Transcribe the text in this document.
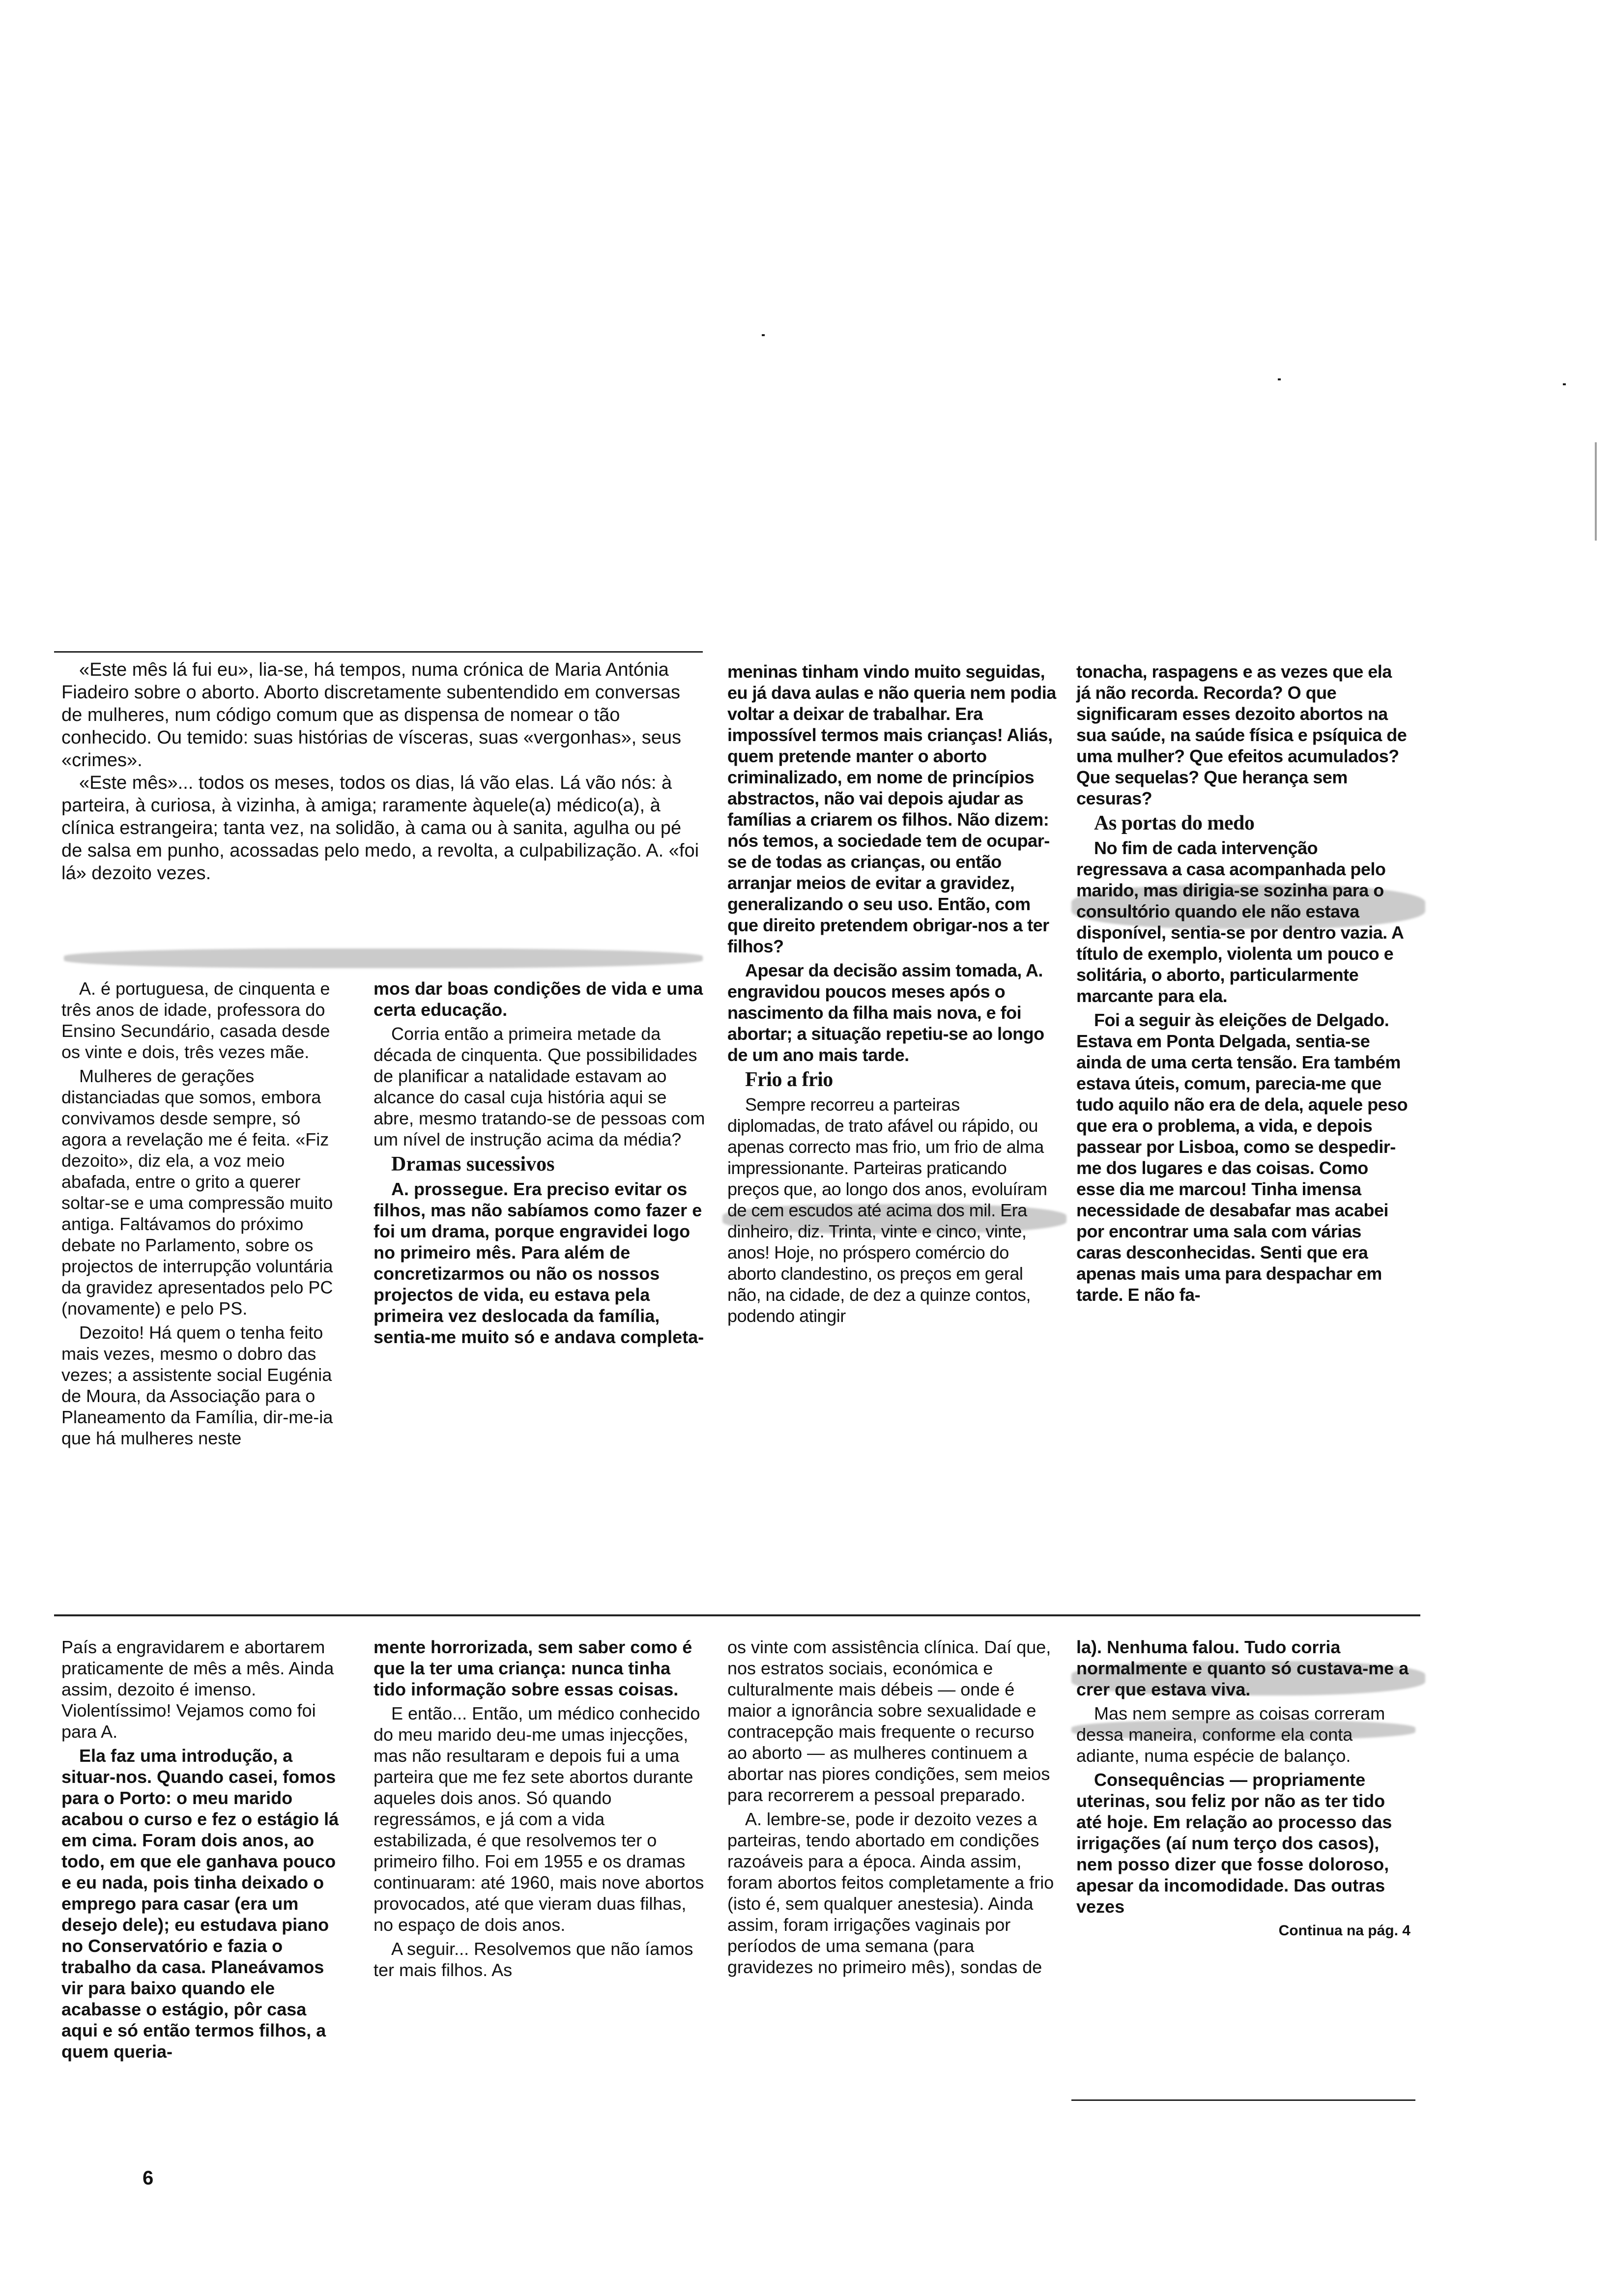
«Este mês lá fui eu», lia-se, há tempos, numa crónica de Maria Antónia Fiadeiro sobre o aborto. Aborto discretamente subentendido em conversas de mulheres, num código comum que as dispensa de nomear o tão conhecido. Ou temido: suas histórias de vísceras, suas «vergonhas», seus «crimes».

«Este mês»... todos os meses, todos os dias, lá vão elas. Lá vão nós: à parteira, à curiosa, à vizinha, à amiga; raramente àquele(a) médico(a), à clínica estrangeira; tanta vez, na solidão, à cama ou à sanita, agulha ou pé de salsa em punho, acossadas pelo medo, a revolta, a culpabilização. A. «foi lá» dezoito vezes.

A. é portuguesa, de cinquenta e três anos de idade, professora do Ensino Secundário, casada desde os vinte e dois, três vezes mãe.

Mulheres de gerações distanciadas que somos, embora convivamos desde sempre, só agora a revelação me é feita. «Fiz dezoito», diz ela, a voz meio abafada, entre o grito a querer soltar-se e uma compressão muito antiga. Faltávamos do próximo debate no Parlamento, sobre os projectos de interrupção voluntária da gravidez apresentados pelo PC (novamente) e pelo PS.

Dezoito! Há quem o tenha feito mais vezes, mesmo o dobro das vezes; a assistente social Eugénia de Moura, da Associação para o Planeamento da Família, dir-me-ia que há mulheres neste

mos dar boas condições de vida e uma certa educação.

Corria então a primeira metade da década de cinquenta. Que possibilidades de planificar a natalidade estavam ao alcance do casal cuja história aqui se abre, mesmo tratando-se de pessoas com um nível de instrução acima da média?

Dramas sucessivos

A. prossegue. Era preciso evitar os filhos, mas não sabíamos como fazer e foi um drama, porque engravidei logo no primeiro mês. Para além de concretizarmos ou não os nossos projectos de vida, eu estava pela primeira vez deslocada da família, sentia-me muito só e andava completa-

meninas tinham vindo muito seguidas, eu já dava aulas e não queria nem podia voltar a deixar de trabalhar. Era impossível termos mais crianças! Aliás, quem pretende manter o aborto criminalizado, em nome de princípios abstractos, não vai depois ajudar as famílias a criarem os filhos. Não dizem: nós temos, a sociedade tem de ocupar-se de todas as crianças, ou então arranjar meios de evitar a gravidez, generalizando o seu uso. Então, com que direito pretendem obrigar-nos a ter filhos?

Apesar da decisão assim tomada, A. engravidou poucos meses após o nascimento da filha mais nova, e foi abortar; a situação repetiu-se ao longo de um ano mais tarde.

Frio a frio

Sempre recorreu a parteiras diplomadas, de trato afável ou rápido, ou apenas correcto mas frio, um frio de alma impressionante. Parteiras praticando preços que, ao longo dos anos, evoluíram de cem escudos até acima dos mil. Era dinheiro, diz. Trinta, vinte e cinco, vinte, anos! Hoje, no próspero comércio do aborto clandestino, os preços em geral não, na cidade, de dez a quinze contos, podendo atingir

tonacha, raspagens e as vezes que ela já não recorda. Recorda? O que significaram esses dezoito abortos na sua saúde, na saúde física e psíquica de uma mulher? Que efeitos acumulados? Que sequelas? Que herança sem cesuras?

As portas do medo

No fim de cada intervenção regressava a casa acompanhada pelo marido, mas dirigia-se sozinha para o consultório quando ele não estava disponível, sentia-se por dentro vazia. A título de exemplo, violenta um pouco e solitária, o aborto, particularmente marcante para ela.

Foi a seguir às eleições de Delgado. Estava em Ponta Delgada, sentia-se ainda de uma certa tensão. Era também estava úteis, comum, parecia-me que tudo aquilo não era de dela, aquele peso que era o problema, a vida, e depois passear por Lisboa, como se despedir-me dos lugares e das coisas. Como esse dia me marcou! Tinha imensa necessidade de desabafar mas acabei por encontrar uma sala com várias caras desconhecidas. Senti que era apenas mais uma para despachar em tarde. E não fa-

País a engravidarem e abortarem praticamente de mês a mês. Ainda assim, dezoito é imenso. Violentíssimo! Vejamos como foi para A.

Ela faz uma introdução, a situar-nos. Quando casei, fomos para o Porto: o meu marido acabou o curso e fez o estágio lá em cima. Foram dois anos, ao todo, em que ele ganhava pouco e eu nada, pois tinha deixado o emprego para casar (era um desejo dele); eu estudava piano no Conservatório e fazia o trabalho da casa. Planeávamos vir para baixo quando ele acabasse o estágio, pôr casa aqui e só então termos filhos, a quem queria-

mente horrorizada, sem saber como é que la ter uma criança: nunca tinha tido informação sobre essas coisas.

E então... Então, um médico conhecido do meu marido deu-me umas injecções, mas não resultaram e depois fui a uma parteira que me fez sete abortos durante aqueles dois anos. Só quando regressámos, e já com a vida estabilizada, é que resolvemos ter o primeiro filho. Foi em 1955 e os dramas continuaram: até 1960, mais nove abortos provocados, até que vieram duas filhas, no espaço de dois anos.

A seguir... Resolvemos que não íamos ter mais filhos. As

os vinte com assistência clínica. Daí que, nos estratos sociais, económica e culturalmente mais débeis — onde é maior a ignorância sobre sexualidade e contracepção mais frequente o recurso ao aborto — as mulheres continuem a abortar nas piores condições, sem meios para recorrerem a pessoal preparado.

A. lembre-se, pode ir dezoito vezes a parteiras, tendo abortado em condições razoáveis para a época. Ainda assim, foram abortos feitos completamente a frio (isto é, sem qualquer anestesia). Ainda assim, foram irrigações vaginais por períodos de uma semana (para gravidezes no primeiro mês), sondas de

la). Nenhuma falou. Tudo corria normalmente e quanto só custava-me a crer que estava viva.

Mas nem sempre as coisas correram dessa maneira, conforme ela conta adiante, numa espécie de balanço.

Consequências — propriamente uterinas, sou feliz por não as ter tido até hoje. Em relação ao processo das irrigações (aí num terço dos casos), nem posso dizer que fosse doloroso, apesar da incomodidade. Das outras vezes

Continua na pág. 4

6
